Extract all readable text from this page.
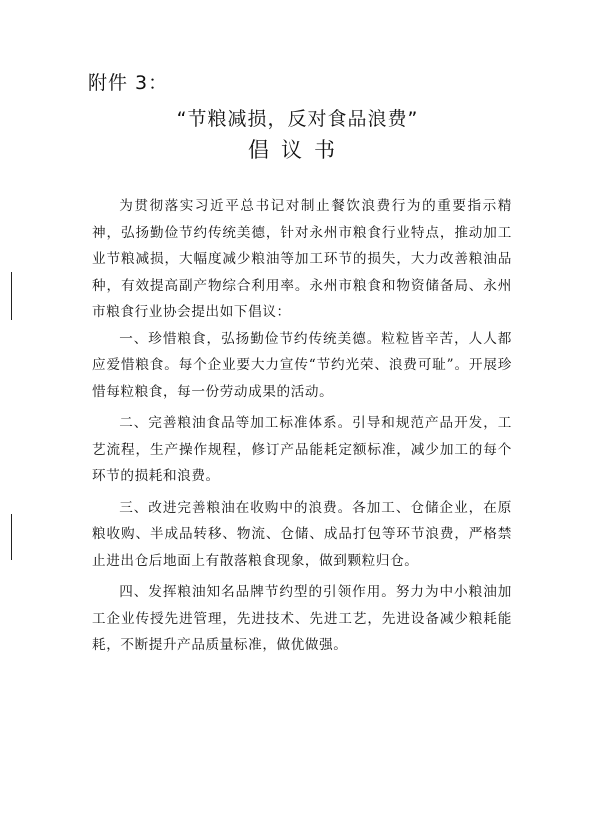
附件 3：
“节粮减损，反对食品浪费”
倡议书

为贯彻落实习近平总书记对制止餐饮浪费行为的重要指示精神，弘扬勤俭节约传统美德，针对永州市粮食行业特点，推动加工业节粮减损，大幅度减少粮油等加工环节的损失，大力改善粮油品种，有效提高副产物综合利用率。永州市粮食和物资储备局、永州市粮食行业协会提出如下倡议：

一、珍惜粮食，弘扬勤俭节约传统美德。粒粒皆辛苦，人人都应爱惜粮食。每个企业要大力宣传“节约光荣、浪费可耻”。开展珍惜每粒粮食，每一份劳动成果的活动。

二、完善粮油食品等加工标准体系。引导和规范产品开发，工艺流程，生产操作规程，修订产品能耗定额标准，减少加工的每个环节的损耗和浪费。

三、改进完善粮油在收购中的浪费。各加工、仓储企业，在原粮收购、半成品转移、物流、仓储、成品打包等环节浪费，严格禁止进出仓后地面上有散落粮食现象，做到颗粒归仓。

四、发挥粮油知名品牌节约型的引领作用。努力为中小粮油加工企业传授先进管理，先进技术、先进工艺，先进设备减少粮耗能耗，不断提升产品质量标准，做优做强。
